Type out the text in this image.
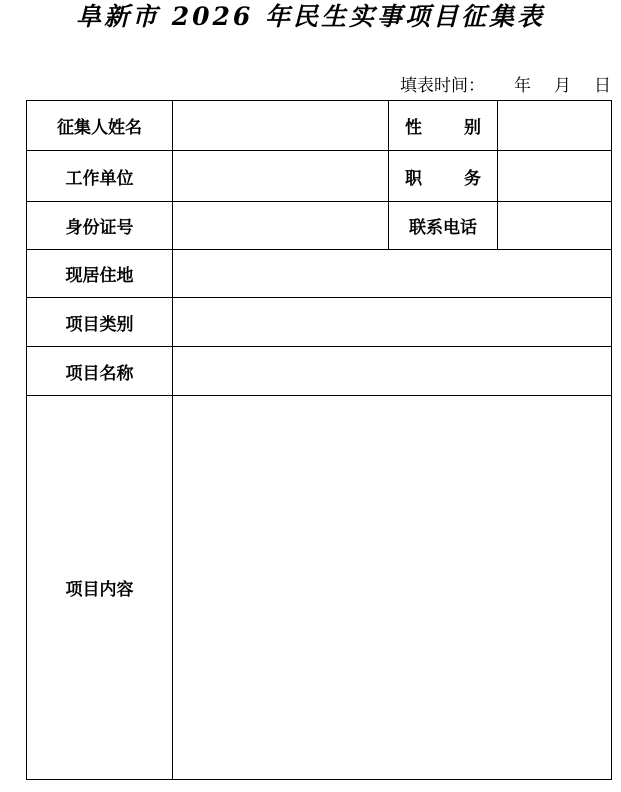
阜新市 2026 年民生实事项目征集表
填表时间： 年 月 日
征集人姓名		性 别	

工作单位		职 务	

身份证号		联系电话	
现居住地			
项目类别			
项目名称			
项目内容			
